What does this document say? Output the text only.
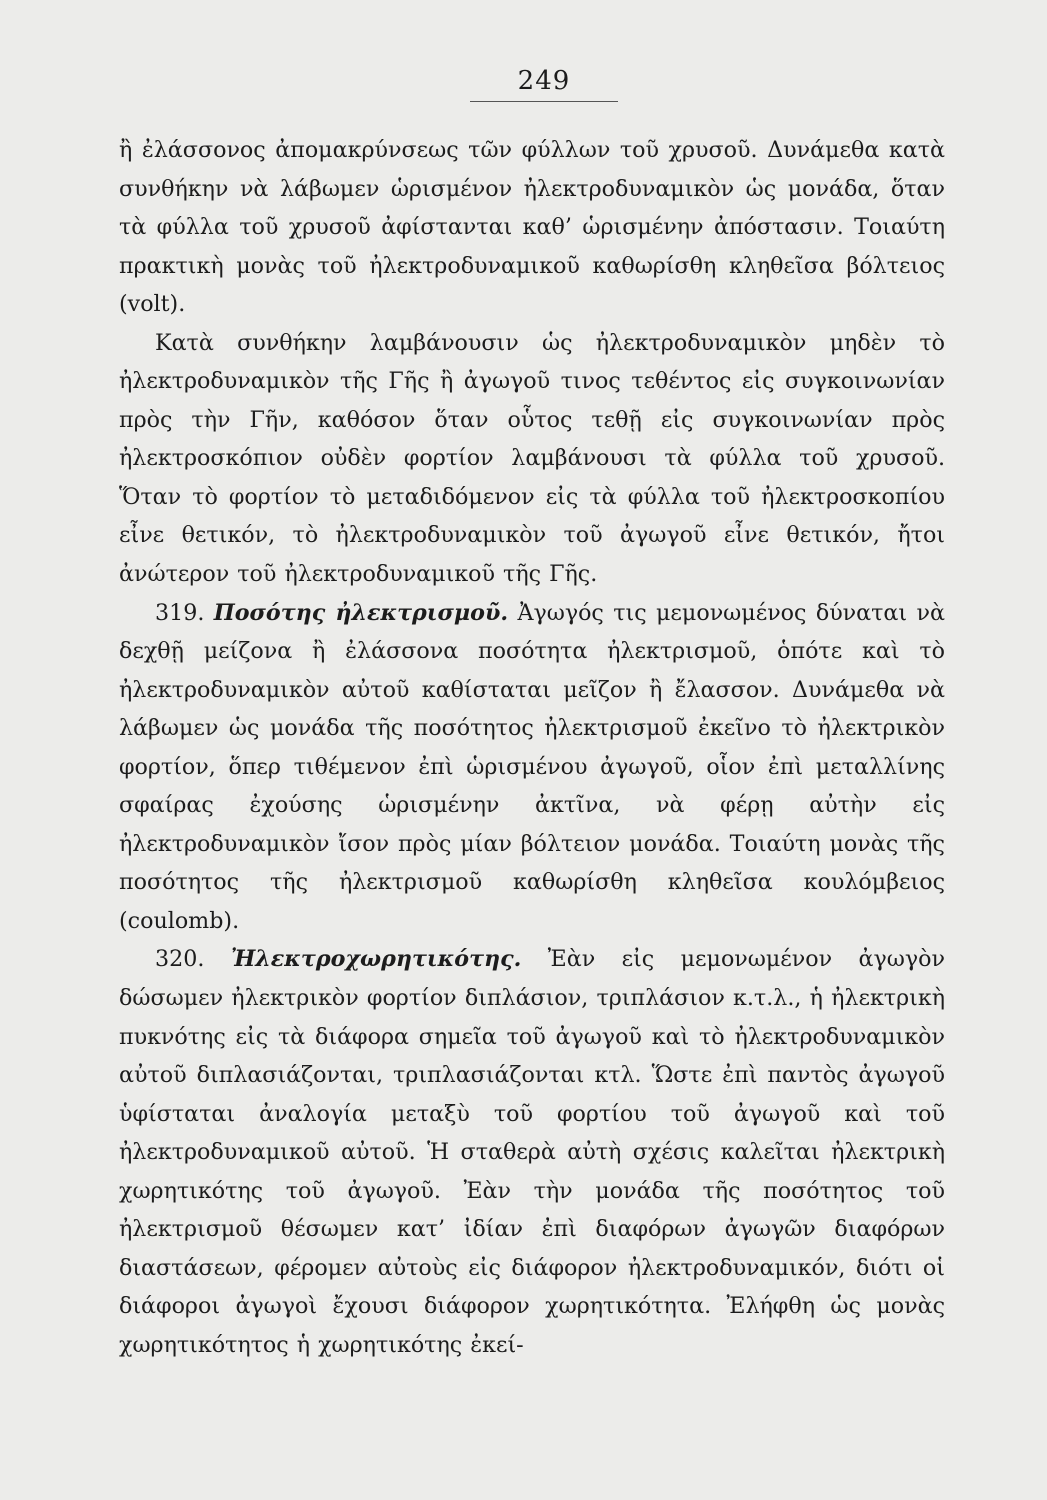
249

ἢ ἐλάσσονος ἀπομακρύνσεως τῶν φύλλων τοῦ χρυσοῦ. Δυνάμεθα κατὰ συνθήκην νὰ λάβωμεν ὡρισμένον ἠλεκτροδυναμικὸν ὡς μονάδα, ὅταν τὰ φύλλα τοῦ χρυσοῦ ἀφίστανται καθ’ ὡρισμένην ἀπόστασιν. Τοιαύτη πρακτικὴ μονὰς τοῦ ἠλεκτροδυναμικοῦ καθωρίσθη κληθεῖσα βόλτειος (volt).

Κατὰ συνθήκην λαμβάνουσιν ὡς ἠλεκτροδυναμικὸν μηδὲν τὸ ἠλεκτροδυναμικὸν τῆς Γῆς ἢ ἀγωγοῦ τινος τεθέντος εἰς συγκοινωνίαν πρὸς τὴν Γῆν, καθόσον ὅταν οὗτος τεθῇ εἰς συγκοινωνίαν πρὸς ἠλεκτροσκόπιον οὐδὲν φορτίον λαμβάνουσι τὰ φύλλα τοῦ χρυσοῦ. Ὅταν τὸ φορτίον τὸ μεταδιδόμενον εἰς τὰ φύλλα τοῦ ἠλεκτροσκοπίου εἶνε θετικόν, τὸ ἠλεκτροδυναμικὸν τοῦ ἀγωγοῦ εἶνε θετικόν, ἤτοι ἀνώτερον τοῦ ἠλεκτροδυναμικοῦ τῆς Γῆς.

319. Ποσότης ἠλεκτρισμοῦ. Ἀγωγός τις μεμονωμένος δύναται νὰ δεχθῇ μείζονα ἢ ἐλάσσονα ποσότητα ἠλεκτρισμοῦ, ὁπότε καὶ τὸ ἠλεκτροδυναμικὸν αὐτοῦ καθίσταται μεῖζον ἢ ἔλασσον. Δυνάμεθα νὰ λάβωμεν ὡς μονάδα τῆς ποσότητος ἠλεκτρισμοῦ ἐκεῖνο τὸ ἠλεκτρικὸν φορτίον, ὅπερ τιθέμενον ἐπὶ ὡρισμένου ἀγωγοῦ, οἷον ἐπὶ μεταλλίνης σφαίρας ἐχούσης ὡρισμένην ἀκτῖνα, νὰ φέρῃ αὐτὴν εἰς ἠλεκτροδυναμικὸν ἴσον πρὸς μίαν βόλτειον μονάδα. Τοιαύτη μονὰς τῆς ποσότητος τῆς ἠλεκτρισμοῦ καθωρίσθη κληθεῖσα κουλόμβειος (coulomb).

320. Ἠλεκτροχωρητικότης. Ἐὰν εἰς μεμονωμένον ἀγωγὸν δώσωμεν ἠλεκτρικὸν φορτίον διπλάσιον, τριπλάσιον κ.τ.λ., ἡ ἠλεκτρικὴ πυκνότης εἰς τὰ διάφορα σημεῖα τοῦ ἀγωγοῦ καὶ τὸ ἠλεκτροδυναμικὸν αὐτοῦ διπλασιάζονται, τριπλασιάζονται κτλ. Ὥστε ἐπὶ παντὸς ἀγωγοῦ ὑφίσταται ἀναλογία μεταξὺ τοῦ φορτίου τοῦ ἀγωγοῦ καὶ τοῦ ἠλεκτροδυναμικοῦ αὐτοῦ. Ἡ σταθερὰ αὐτὴ σχέσις καλεῖται ἠλεκτρικὴ χωρητικότης τοῦ ἀγωγοῦ. Ἐὰν τὴν μονάδα τῆς ποσότητος τοῦ ἠλεκτρισμοῦ θέσωμεν κατ’ ἰδίαν ἐπὶ διαφόρων ἀγωγῶν διαφόρων διαστάσεων, φέρομεν αὐτοὺς εἰς διάφορον ἠλεκτροδυναμικόν, διότι οἱ διάφοροι ἀγωγοὶ ἔχουσι διάφορον χωρητικότητα. Ἐλήφθη ὡς μονὰς χωρητικότητος ἡ χωρητικότης ἐκεί-
